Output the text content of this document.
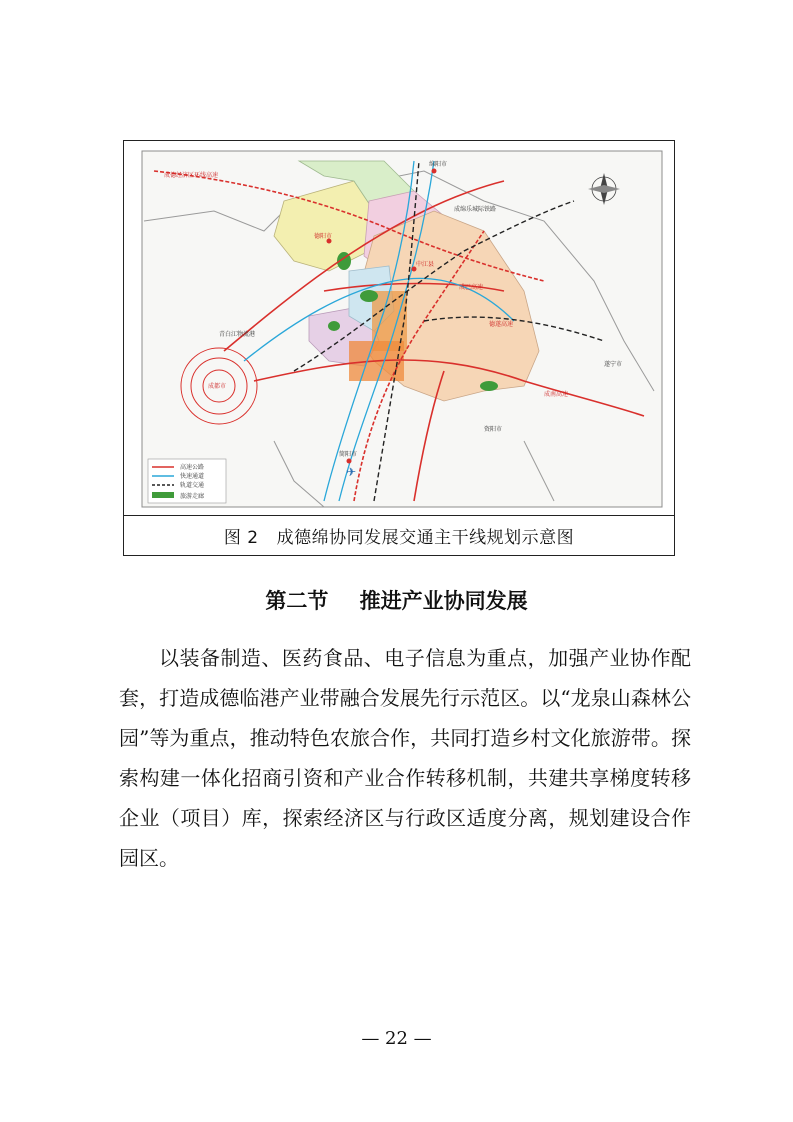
绵阳市
德阳市
中江县
成都市
青白江物流港
简阳市
遂宁市
资阳市
成德经济区环线高速
成巴高速
德遂高速
成南高速
成绵乐城际铁路
✈
高速公路
快速通道
轨道交通
旅游走廊
图 2 成德绵协同发展交通主干线规划示意图
第二节 推进产业协同发展

以装备制造、医药食品、电子信息为重点，加强产业协作配套，打造成德临港产业带融合发展先行示范区。以“龙泉山森林公园”等为重点，推动特色农旅合作，共同打造乡村文化旅游带。探索构建一体化招商引资和产业合作转移机制，共建共享梯度转移企业（项目）库，探索经济区与行政区适度分离，规划建设合作园区。

— 22 —
